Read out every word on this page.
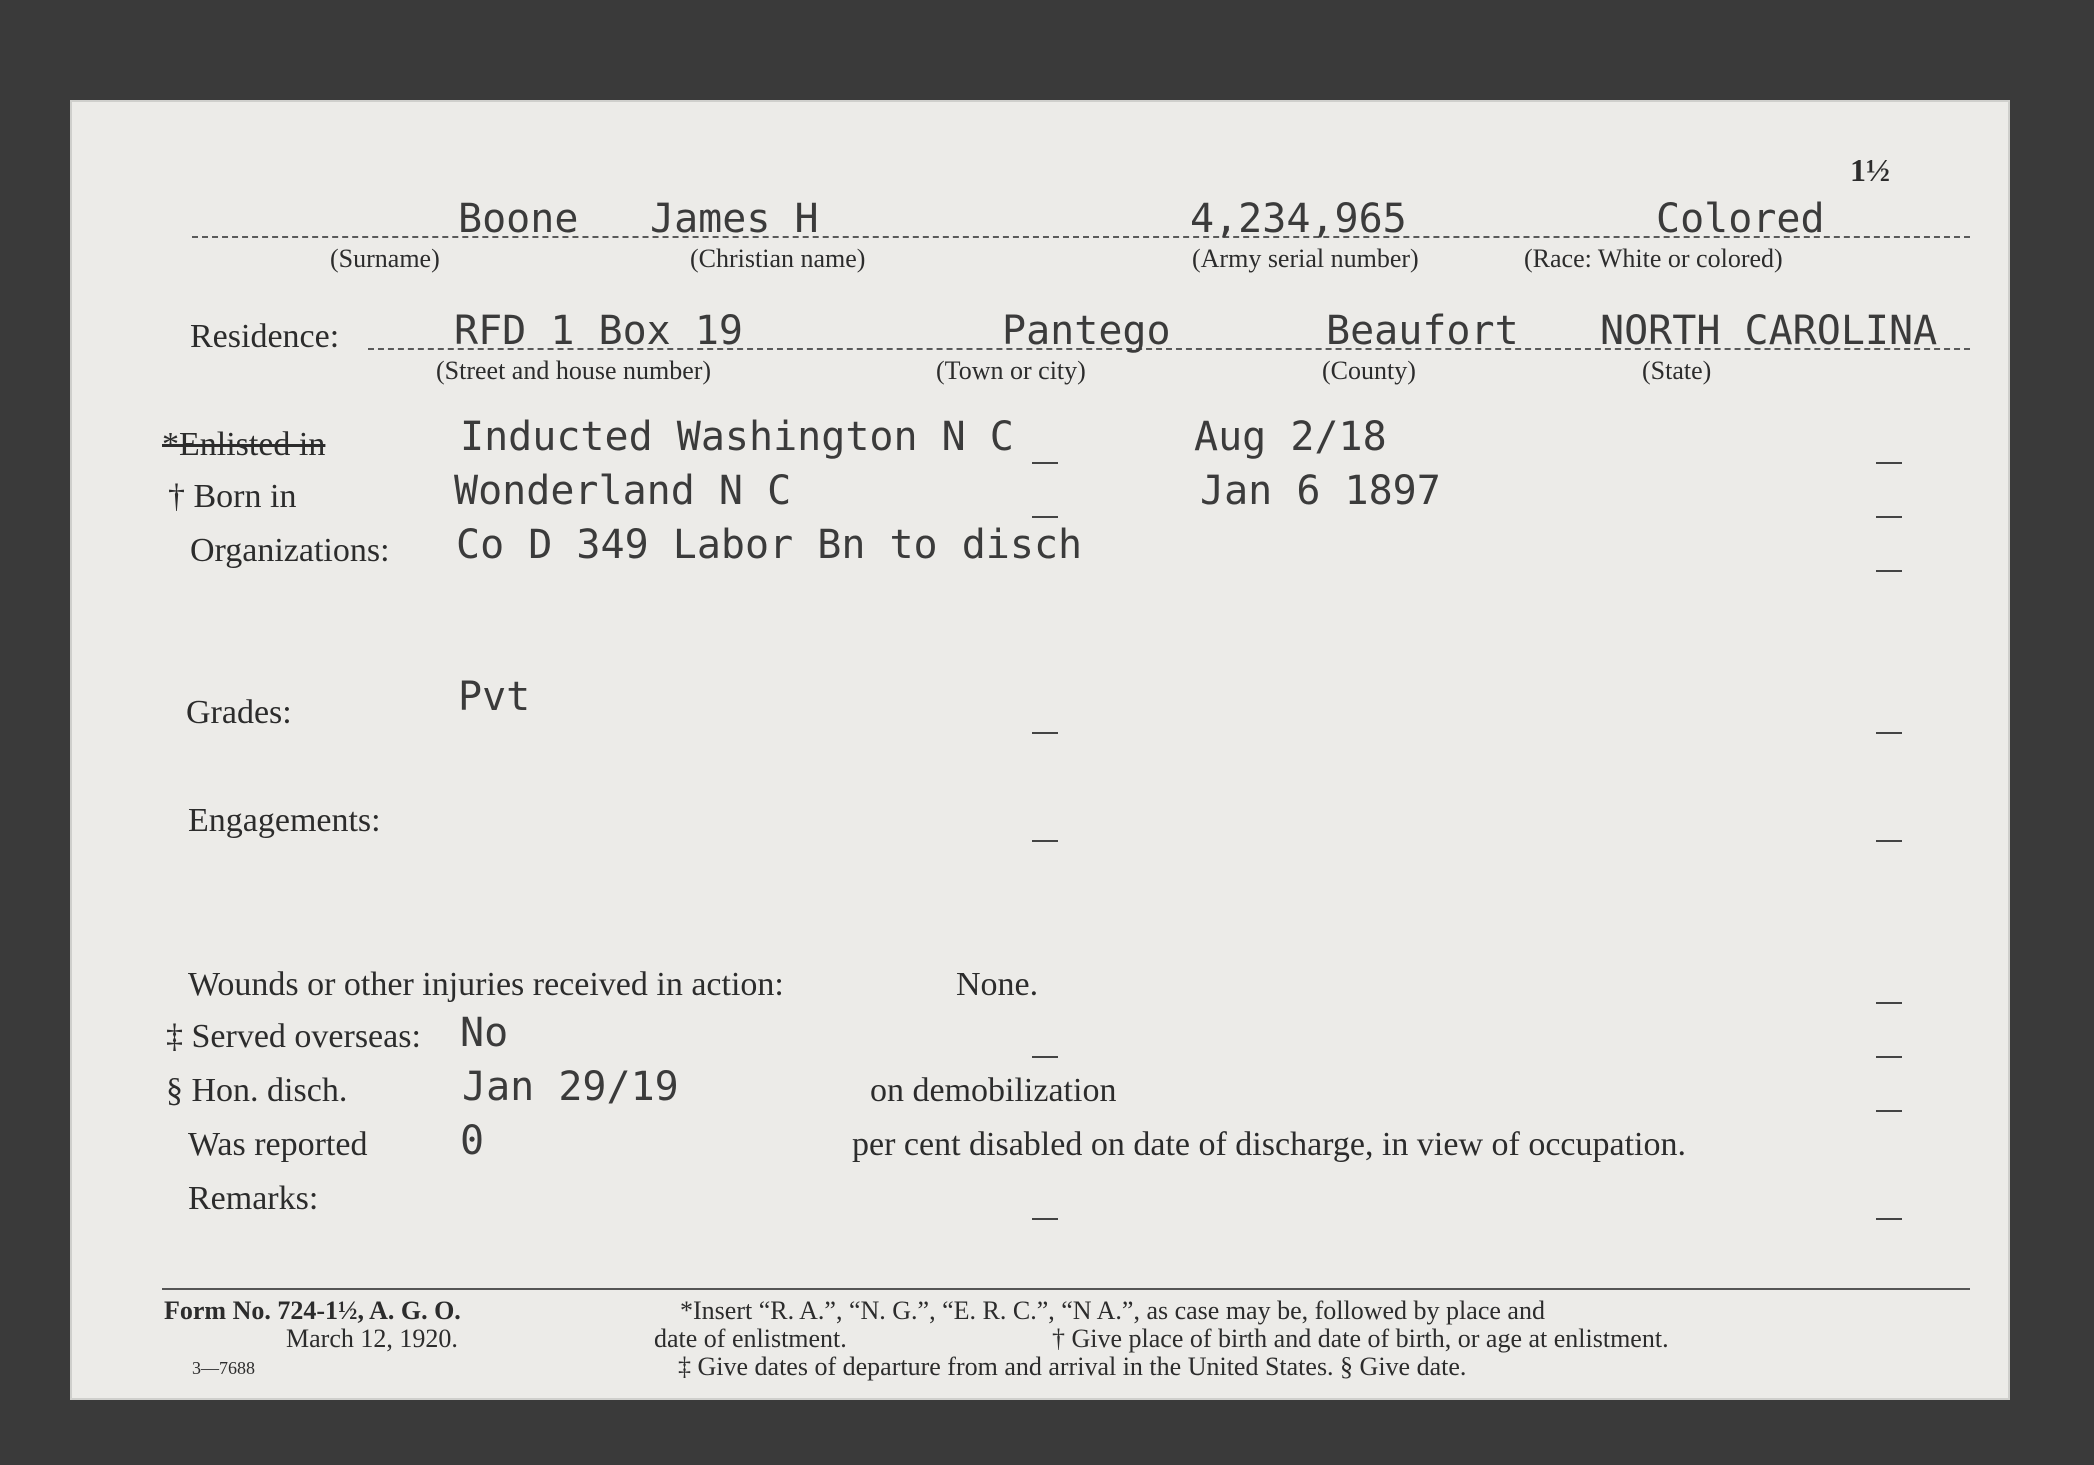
1½
Boone James H	4,234,965	Colored
(Surname)	(Christian name)	(Army serial number)	(Race: White or colored)
Residence:	RFD 1 Box 19	Pantego	Beaufort NORTH CAROLINA
(Street and house number)	(Town or city)	(County)	(State)
*Enlisted in	Inducted Washington N C	Aug 2/18
† Born in	Wonderland N C	Jan 6 1897
Organizations: Co D 349 Labor Bn to disch
Grades:	Pvt
Engagements:
Wounds or other injuries received in action:	None.
‡ Served overseas: No
§ Hon. disch.	Jan 29/19	on demobilization
Was reported 0	per cent disabled on date of discharge, in view of occupation.
Remarks:
Form No. 724-1½, A. G. O.
March 12, 1920.
3—7688
*Insert “R. A.”, “N. G.”, “E. R. C.”, “N A.”, as case may be, followed by place and
date of enlistment.	† Give place of birth and date of birth, or age at enlistment.
‡ Give dates of departure from and arrival in the United States. § Give date.
